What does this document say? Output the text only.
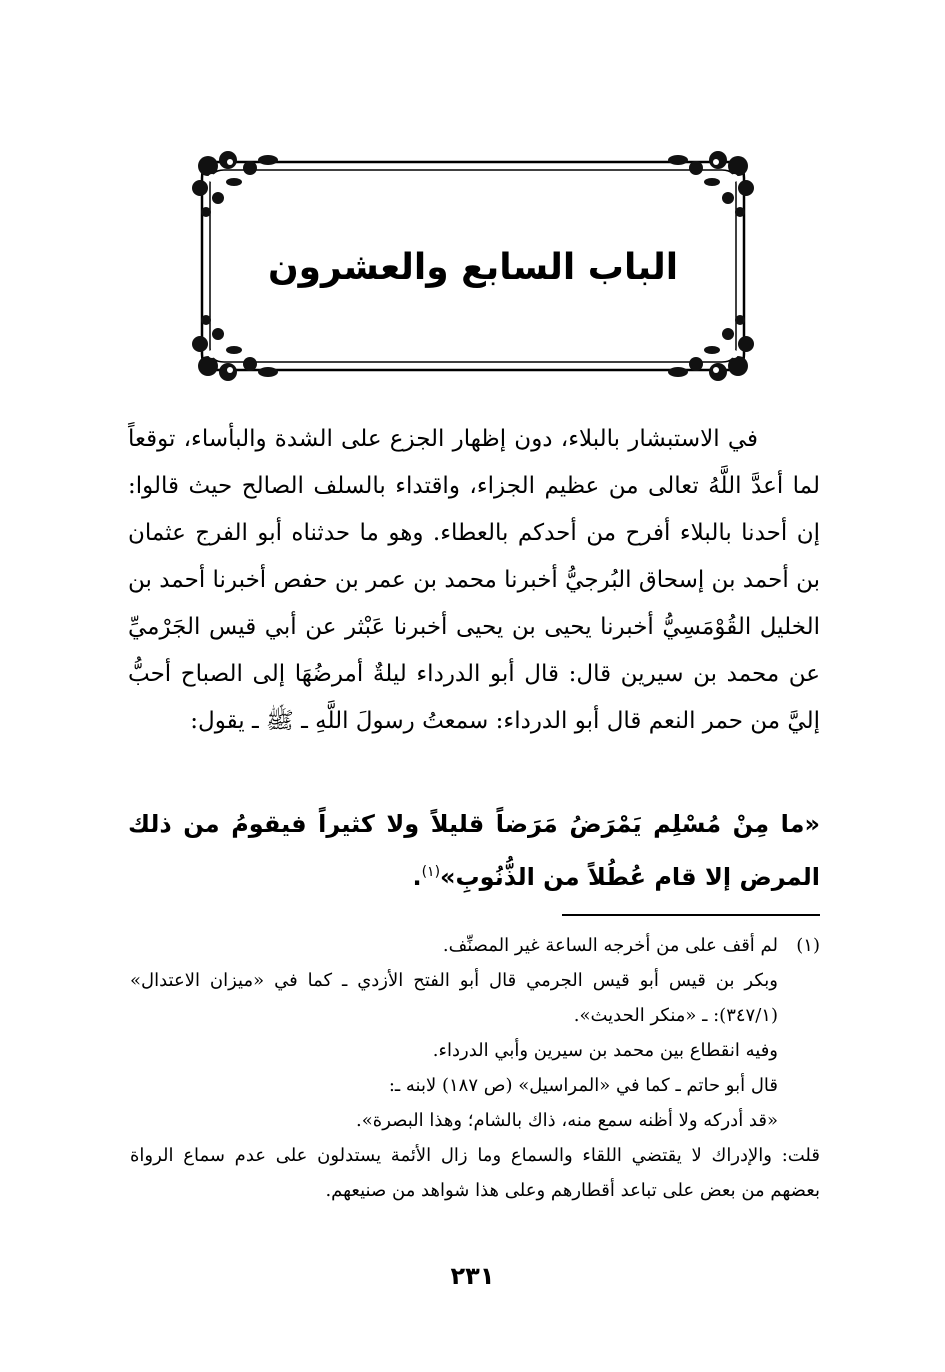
الباب السابع والعشرون

في الاستبشار بالبلاء، دون إظهار الجزع على الشدة والبأساء، توقعاً لما أعدَّ اللَّهُ تعالى من عظيم الجزاء، واقتداء بالسلف الصالح حيث قالوا: إن أحدنا بالبلاء أفرح من أحدكم بالعطاء. وهو ما حدثناه أبو الفرج عثمان بن أحمد بن إسحاق البُرجيُّ أخبرنا محمد بن عمر بن حفص أخبرنا أحمد بن الخليل القُوْمَسِيُّ أخبرنا يحيى بن يحيى أخبرنا عَبْثر عن أبي قيس الجَرْميِّ عن محمد بن سيرين قال: قال أبو الدرداء ليلةٌ أمرضُهَا إلى الصباح أحبُّ إليَّ من حمر النعم قال أبو الدرداء: سمعتُ رسولَ اللَّهِ ـ ﷺ ـ يقول:

«ما مِنْ مُسْلِم يَمْرَضُ مَرَضاً قليلاً ولا كثيراً فيقومُ من ذلك المرض إلا قام عُطُلاً من الذُّنُوبِ»$^{(١)}$.

(١)لم أقف على من أخرجه الساعة غير المصنِّف.

وبكر بن قيس أبو قيس الجرمي قال أبو الفتح الأزدي ـ كما في «ميزان الاعتدال» (٣٤٧/١): ـ «منكر الحديث».

وفيه انقطاع بين محمد بن سيرين وأبي الدرداء.

قال أبو حاتم ـ كما في «المراسيل» (ص ١٨٧) لابنه ـ:

«قد أدركه ولا أظنه سمع منه، ذاك بالشام؛ وهذا البصرة».

قلت: والإدراك لا يقتضي اللقاء والسماع وما زال الأئمة يستدلون على عدم سماع الرواة بعضهم من بعض على تباعد أقطارهم وعلى هذا شواهد من صنيعهم.

٢٣١
